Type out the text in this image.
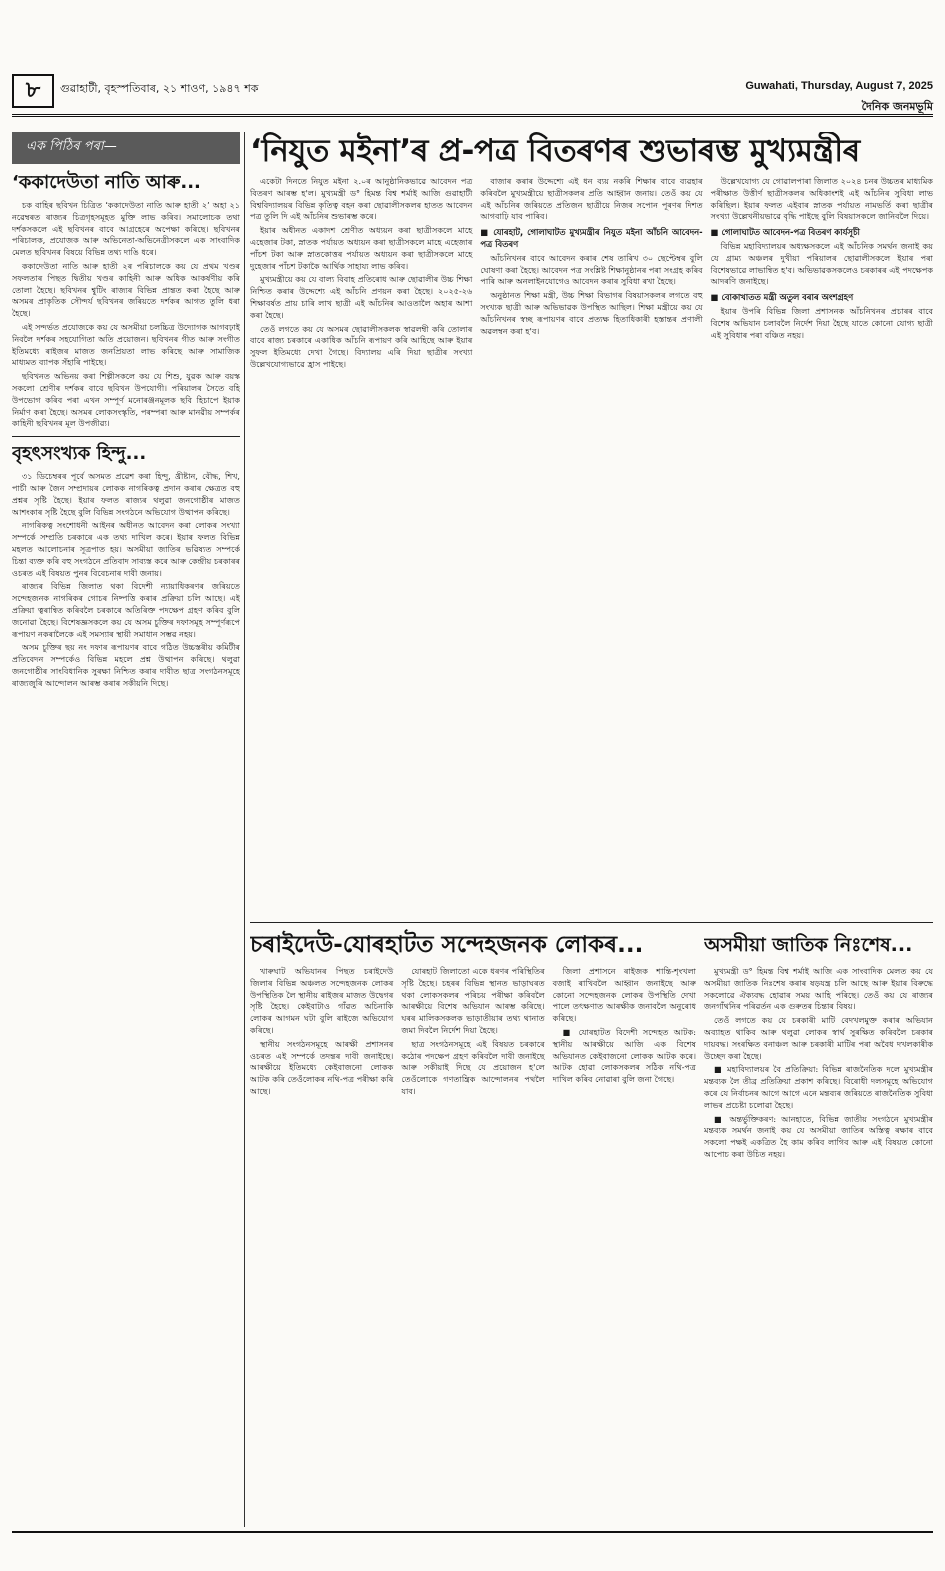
৮	গুৱাহাটী, বৃহস্পতিবাৰ, ২১ শাওণ, ১৯৪৭ শক	Guwahati, Thursday, August 7, 2025
দৈনিক জনমভূমি
এক পিঠিৰ পৰা—
‘ককাদেউতা নাতি আৰু...

চক বাহিৰ ছবিখন চিত্ৰিত ‘ককাদেউতা নাতি আৰু হাতী ২’ অহা ২১ নৱেম্বৰত ৰাজ্যৰ চিত্ৰগৃহসমূহত মুক্তি লাভ কৰিব। সমালোচক তথা দৰ্শকসকলে এই ছবিখনৰ বাবে আগ্ৰহেৰে অপেক্ষা কৰিছে। ছবিখনৰ পৰিচালক, প্ৰযোজক আৰু অভিনেতা-অভিনেত্ৰীসকলে এক সাংবাদিক মেলত ছবিখনৰ বিষয়ে বিভিন্ন তথ্য দাঙি ধৰে।

ককাদেউতা নাতি আৰু হাতী ২ৰ পৰিচালকে কয় যে প্ৰথম খণ্ডৰ সফলতাৰ পিছত দ্বিতীয় খণ্ডৰ কাহিনী আৰু অধিক আকৰ্ষণীয় কৰি তোলা হৈছে। ছবিখনৰ শ্বুটিং ৰাজ্যৰ বিভিন্ন প্ৰান্তত কৰা হৈছে আৰু অসমৰ প্ৰাকৃতিক সৌন্দৰ্য ছবিখনৰ জৰিয়তে দৰ্শকৰ আগত তুলি ধৰা হৈছে।

এই সন্দৰ্ভত প্ৰযোজকে কয় যে অসমীয়া চলচ্চিত্ৰ উদ্যোগক আগবঢ়াই নিবলৈ দৰ্শকৰ সহযোগিতা অতি প্ৰয়োজন। ছবিখনৰ গীত আৰু সংগীত ইতিমধ্যে ৰাইজৰ মাজত জনপ্ৰিয়তা লাভ কৰিছে আৰু সামাজিক মাধ্যমত ব্যাপক সঁহাৰি পাইছে।

ছবিখনত অভিনয় কৰা শিল্পীসকলে কয় যে শিশু, যুৱক আৰু বয়স্ক সকলো শ্ৰেণীৰ দৰ্শকৰ বাবে ছবিখন উপযোগী। পৰিয়ালৰ সৈতে বহি উপভোগ কৰিব পৰা এখন সম্পূৰ্ণ মনোৰঞ্জনমূলক ছবি হিচাপে ইয়াক নিৰ্মাণ কৰা হৈছে। অসমৰ লোকসংস্কৃতি, পৰম্পৰা আৰু মানৱীয় সম্পৰ্কৰ কাহিনী ছবিখনৰ মূল উপজীৱ্য।

বৃহৎসংখ্যক হিন্দু...

৩১ ডিচেম্বৰৰ পূৰ্বে অসমত প্ৰৱেশ কৰা হিন্দু, খ্ৰীষ্টান, বৌদ্ধ, শিখ, পাৰ্চী আৰু জৈন সম্প্ৰদায়ৰ লোকক নাগৰিকত্ব প্ৰদান কৰাৰ ক্ষেত্ৰত বহু প্ৰশ্নৰ সৃষ্টি হৈছে। ইয়াৰ ফলত ৰাজ্যৰ থলুৱা জনগোষ্ঠীৰ মাজত আশংকাৰ সৃষ্টি হৈছে বুলি বিভিন্ন সংগঠনে অভিযোগ উত্থাপন কৰিছে।

নাগৰিকত্ব সংশোধনী আইনৰ অধীনত আবেদন কৰা লোকৰ সংখ্যা সম্পৰ্কে সম্প্ৰতি চৰকাৰে এক তথ্য দাখিল কৰে। ইয়াৰ ফলত বিভিন্ন মহলত আলোচনাৰ সূত্ৰপাত হয়। অসমীয়া জাতিৰ ভৱিষ্যত সম্পৰ্কে চিন্তা ব্যক্ত কৰি বহু সংগঠনে প্ৰতিবাদ সাব্যস্ত কৰে আৰু কেন্দ্ৰীয় চৰকাৰৰ ওচৰত এই বিষয়ত পুনৰ বিবেচনাৰ দাবী জনায়।

ৰাজ্যৰ বিভিন্ন জিলাত থকা বিদেশী ন্যায়াধিকৰণৰ জৰিয়তে সন্দেহজনক নাগৰিকৰ গোচৰ নিষ্পত্তি কৰাৰ প্ৰক্ৰিয়া চলি আছে। এই প্ৰক্ৰিয়া ত্বৰান্বিত কৰিবলৈ চৰকাৰে অতিৰিক্ত পদক্ষেপ গ্ৰহণ কৰিব বুলি জনোৱা হৈছে। বিশেষজ্ঞসকলে কয় যে অসম চুক্তিৰ দফাসমূহ সম্পূৰ্ণৰূপে ৰূপায়ণ নকৰালৈকে এই সমস্যাৰ স্থায়ী সমাধান সম্ভৱ নহয়।

অসম চুক্তিৰ ছয় নং দফাৰ ৰূপায়ণৰ বাবে গঠিত উচ্চস্তৰীয় কমিটীৰ প্ৰতিবেদন সম্পৰ্কেও বিভিন্ন মহলে প্ৰশ্ন উত্থাপন কৰিছে। থলুৱা জনগোষ্ঠীৰ সাংবিধানিক সুৰক্ষা নিশ্চিত কৰাৰ দাবীত ছাত্ৰ সংগঠনসমূহে ৰাজ্যজুৰি আন্দোলন আৰম্ভ কৰাৰ সকীয়নি দিছে।

‘নিযুত মইনা’ৰ প্ৰ-পত্ৰ বিতৰণৰ শুভাৰম্ভ মুখ্যমন্ত্ৰীৰ

একেটা দিনতে নিযুত মইনা ২.০ৰ আনুষ্ঠানিকভাৱে আবেদন পত্ৰ বিতৰণ আৰম্ভ হ'ল। মুখ্যমন্ত্ৰী ড° হিমন্ত বিশ্ব শৰ্মাই আজি গুৱাহাটী বিশ্ববিদ্যালয়ৰ বিভিন্ন কৃতিত্ব বহন কৰা ছোৱালীসকলৰ হাতত আবেদন পত্ৰ তুলি দি এই আঁচনিৰ শুভাৰম্ভ কৰে।

ইয়াৰ অধীনত একাদশ শ্ৰেণীত অধ্যয়ন কৰা ছাত্ৰীসকলে মাহে এহেজাৰ টকা, স্নাতক পৰ্যায়ত অধ্যয়ন কৰা ছাত্ৰীসকলে মাহে এহেজাৰ পাঁচশ টকা আৰু স্নাতকোত্তৰ পৰ্যায়ত অধ্যয়ন কৰা ছাত্ৰীসকলে মাহে দুহেজাৰ পাঁচশ টকাকৈ আৰ্থিক সাহায্য লাভ কৰিব।

মুখ্যমন্ত্ৰীয়ে কয় যে বাল্য বিবাহ প্ৰতিৰোধ আৰু ছোৱালীৰ উচ্চ শিক্ষা নিশ্চিত কৰাৰ উদ্দেশ্যে এই আঁচনি প্ৰণয়ন কৰা হৈছে। ২০২৫-২৬ শিক্ষাবৰ্ষত প্ৰায় চাৰি লাখ ছাত্ৰী এই আঁচনিৰ আওতালৈ অহাৰ আশা কৰা হৈছে।

তেওঁ লগতে কয় যে অসমৰ ছোৱালীসকলক স্বাৱলম্বী কৰি তোলাৰ বাবে ৰাজ্য চৰকাৰে একাধিক আঁচনি ৰূপায়ণ কৰি আহিছে আৰু ইয়াৰ সুফল ইতিমধ্যে দেখা গৈছে। বিদ্যালয় এৰি দিয়া ছাত্ৰীৰ সংখ্যা উল্লেখযোগ্যভাৱে হ্ৰাস পাইছে।

বাজাৰ কৰাৰ উদ্দেশ্যে এই ধন ব্যয় নকৰি শিক্ষাৰ বাবে ব্যৱহাৰ কৰিবলৈ মুখ্যমন্ত্ৰীয়ে ছাত্ৰীসকলৰ প্ৰতি আহ্বান জনায়। তেওঁ কয় যে এই আঁচনিৰ জৰিয়তে প্ৰতিজন ছাত্ৰীয়ে নিজৰ সপোন পূৰণৰ দিশত আগবাঢ়ি যাব পাৰিব।

■ যোৰহাট, গোলাঘাটত মুখ্যমন্ত্ৰীৰ নিযুত মইনা আঁচনি আবেদন-পত্ৰ বিতৰণ

আঁচনিখনৰ বাবে আবেদন কৰাৰ শেষ তাৰিখ ৩০ ছেপ্টেম্বৰ বুলি ঘোষণা কৰা হৈছে। আবেদন পত্ৰ সংশ্লিষ্ট শিক্ষানুষ্ঠানৰ পৰা সংগ্ৰহ কৰিব পাৰি আৰু অনলাইনযোগেও আবেদন কৰাৰ সুবিধা ৰখা হৈছে।

অনুষ্ঠানত শিক্ষা মন্ত্ৰী, উচ্চ শিক্ষা বিভাগৰ বিষয়াসকলৰ লগতে বহু সংখ্যক ছাত্ৰী আৰু অভিভাৱক উপস্থিত আছিল। শিক্ষা মন্ত্ৰীয়ে কয় যে আঁচনিখনৰ স্বচ্ছ ৰূপায়ণৰ বাবে প্ৰত্যক্ষ হিতাধিকাৰী হস্তান্তৰ প্ৰণালী অৱলম্বন কৰা হ'ব।

উল্লেখযোগ্য যে গোৱালপাৰা জিলাত ২০২৪ চনৰ উচ্চতৰ মাধ্যমিক পৰীক্ষাত উত্তীৰ্ণ ছাত্ৰীসকলৰ অধিকাংশই এই আঁচনিৰ সুবিধা লাভ কৰিছিল। ইয়াৰ ফলত এইবাৰ স্নাতক পৰ্যায়ত নামভৰ্তি কৰা ছাত্ৰীৰ সংখ্যা উল্লেখনীয়ভাৱে বৃদ্ধি পাইছে বুলি বিষয়াসকলে জানিবলৈ দিয়ে।

■ গোলাঘাটত আবেদন-পত্ৰ বিতৰণ কাৰ্যসূচী

বিভিন্ন মহাবিদ্যালয়ৰ অধ্যক্ষসকলে এই আঁচনিক সমৰ্থন জনাই কয় যে গ্ৰাম্য অঞ্চলৰ দুখীয়া পৰিয়ালৰ ছোৱালীসকলে ইয়াৰ পৰা বিশেষভাৱে লাভান্বিত হ'ব। অভিভাৱকসকলেও চৰকাৰৰ এই পদক্ষেপক আদৰণি জনাইছে।

■ বোকাখাতত মন্ত্ৰী অতুল বৰাৰ অংশগ্ৰহণ

ইয়াৰ উপৰি বিভিন্ন জিলা প্ৰশাসনক আঁচনিখনৰ প্ৰচাৰৰ বাবে বিশেষ অভিযান চলাবলৈ নিৰ্দেশ দিয়া হৈছে যাতে কোনো যোগ্য ছাত্ৰী এই সুবিধাৰ পৰা বঞ্চিত নহয়।

চৰাইদেউ-যোৰহাটত সন্দেহজনক লোকৰ...

খাৰুঘাট অভিযানৰ পিছত চৰাইদেউ জিলাৰ বিভিন্ন অঞ্চলত সন্দেহজনক লোকৰ উপস্থিতিক লৈ স্থানীয় ৰাইজৰ মাজত উদ্বেগৰ সৃষ্টি হৈছে। কেইবাটাও গাঁৱত অচিনাকি লোকৰ আগমন ঘটা বুলি ৰাইজে অভিযোগ কৰিছে।

স্থানীয় সংগঠনসমূহে আৰক্ষী প্ৰশাসনৰ ওচৰত এই সম্পৰ্কে তদন্তৰ দাবী জনাইছে। আৰক্ষীয়ে ইতিমধ্যে কেইবাজনো লোকক আটক কৰি তেওঁলোকৰ নথি-পত্ৰ পৰীক্ষা কৰি আছে।

যোৰহাট জিলাতো একে ধৰণৰ পৰিস্থিতিৰ সৃষ্টি হৈছে। চহৰৰ বিভিন্ন স্থানত ভাড়াঘৰত থকা লোকসকলৰ পৰিচয় পৰীক্ষা কৰিবলৈ আৰক্ষীয়ে বিশেষ অভিযান আৰম্ভ কৰিছে। ঘৰৰ মালিকসকলক ভাড়াতীয়াৰ তথ্য থানাত জমা দিবলৈ নিৰ্দেশ দিয়া হৈছে।

ছাত্ৰ সংগঠনসমূহে এই বিষয়ত চৰকাৰে কঠোৰ পদক্ষেপ গ্ৰহণ কৰিবলৈ দাবী জনাইছে আৰু সকীয়াই দিছে যে প্ৰয়োজন হ'লে তেওঁলোকে গণতান্ত্ৰিক আন্দোলনৰ পথলৈ যাব।

জিলা প্ৰশাসনে ৰাইজক শান্তি-শৃংখলা বজাই ৰাখিবলৈ আহ্বান জনাইছে আৰু কোনো সন্দেহজনক লোকৰ উপস্থিতি দেখা পালে তৎক্ষণাত আৰক্ষীক জনাবলৈ অনুৰোধ কৰিছে।

■ যোৰহাটত বিদেশী সন্দেহত আটক: স্থানীয় আৰক্ষীয়ে আজি এক বিশেষ অভিযানত কেইবাজনো লোকক আটক কৰে। আটক হোৱা লোকসকলৰ সঠিক নথি-পত্ৰ দাখিল কৰিব নোৱাৰা বুলি জনা গৈছে।

অসমীয়া জাতিক নিঃশেষ...

মুখ্যমন্ত্ৰী ড° হিমন্ত বিশ্ব শৰ্মাই আজি এক সাংবাদিক মেলত কয় যে অসমীয়া জাতিক নিঃশেষ কৰাৰ ষড়যন্ত্ৰ চলি আছে আৰু ইয়াৰ বিৰুদ্ধে সকলোৱে ঐক্যবদ্ধ হোৱাৰ সময় আহি পৰিছে। তেওঁ কয় যে ৰাজ্যৰ জনগাঁথনিৰ পৰিৱৰ্তন এক গুৰুতৰ চিন্তাৰ বিষয়।

তেওঁ লগতে কয় যে চৰকাৰী মাটি বেদখলমুক্ত কৰাৰ অভিযান অব্যাহত থাকিব আৰু থলুৱা লোকৰ স্বাৰ্থ সুৰক্ষিত কৰিবলৈ চৰকাৰ দায়বদ্ধ। সংৰক্ষিত বনাঞ্চল আৰু চৰকাৰী মাটিৰ পৰা অবৈধ দখলকাৰীক উচ্ছেদ কৰা হৈছে।

■ মহাবিদ্যালয়ৰ বৈ প্ৰতিক্ৰিয়া: বিভিন্ন ৰাজনৈতিক দলে মুখ্যমন্ত্ৰীৰ মন্তব্যক লৈ তীব্ৰ প্ৰতিক্ৰিয়া প্ৰকাশ কৰিছে। বিৰোধী দলসমূহে অভিযোগ কৰে যে নিৰ্বাচনৰ আগে আগে এনে মন্তব্যৰ জৰিয়তে ৰাজনৈতিক সুবিধা লাভৰ প্ৰচেষ্টা চলোৱা হৈছে।

■ অন্তৰ্ভুক্তিকৰণ: আনহাতে, বিভিন্ন জাতীয় সংগঠনে মুখ্যমন্ত্ৰীৰ মন্তব্যক সমৰ্থন জনাই কয় যে অসমীয়া জাতিৰ অস্তিত্ব ৰক্ষাৰ বাবে সকলো পক্ষই একত্ৰিত হৈ কাম কৰিব লাগিব আৰু এই বিষয়ত কোনো আপোচ কৰা উচিত নহয়।
